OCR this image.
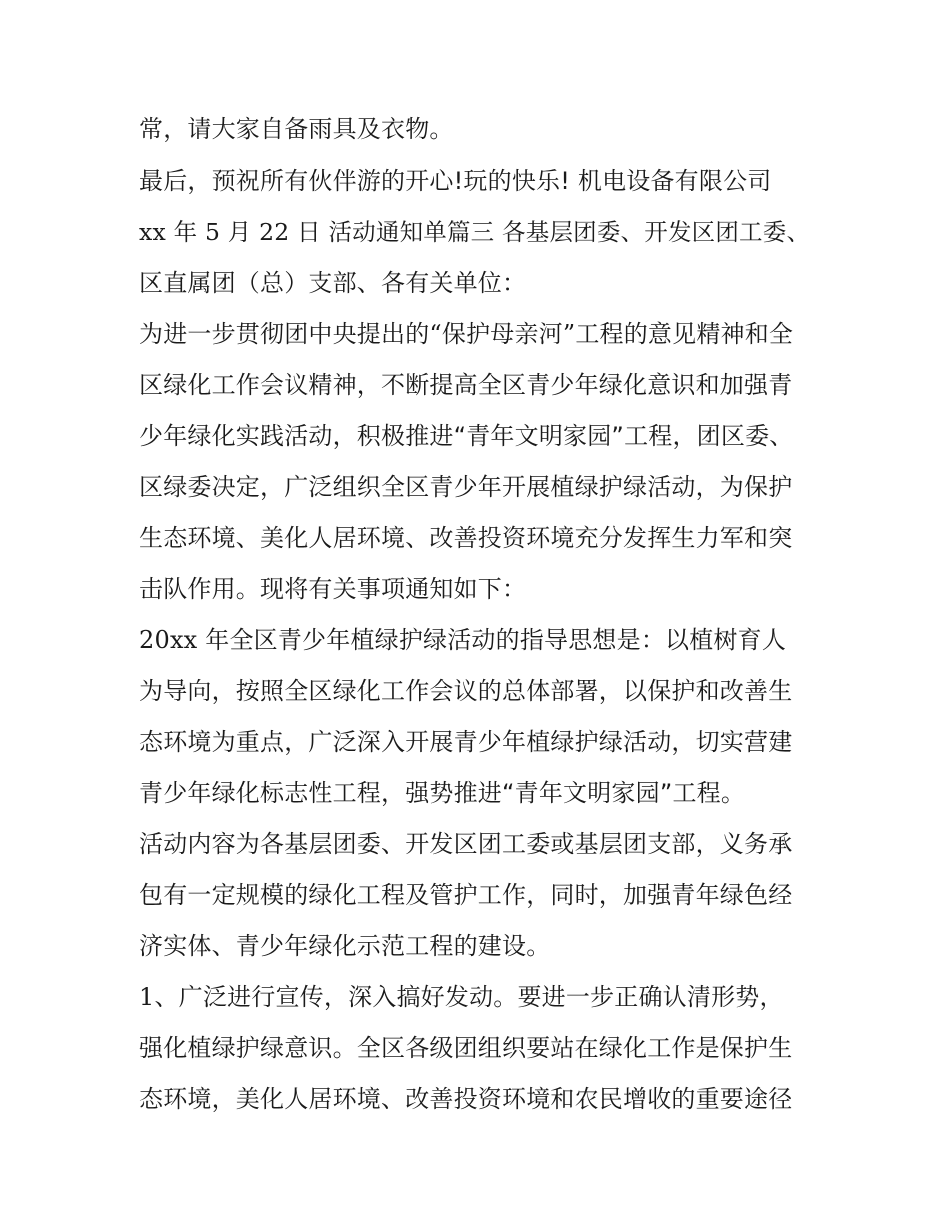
常，请大家自备雨具及衣物。
最后，预祝所有伙伴游的开心!玩的快乐! 机电设备有限公司
xx 年 5 月 22 日 活动通知单篇三 各基层团委、开发区团工委、
区直属团（总）支部、各有关单位：
为进一步贯彻团中央提出的“保护母亲河”工程的意见精神和全
区绿化工作会议精神，不断提高全区青少年绿化意识和加强青
少年绿化实践活动，积极推进“青年文明家园”工程，团区委、
区绿委决定，广泛组织全区青少年开展植绿护绿活动，为保护
生态环境、美化人居环境、改善投资环境充分发挥生力军和突
击队作用。现将有关事项通知如下：
20xx 年全区青少年植绿护绿活动的指导思想是：以植树育人
为导向，按照全区绿化工作会议的总体部署，以保护和改善生
态环境为重点，广泛深入开展青少年植绿护绿活动，切实营建
青少年绿化标志性工程，强势推进“青年文明家园”工程。
活动内容为各基层团委、开发区团工委或基层团支部，义务承
包有一定规模的绿化工程及管护工作，同时，加强青年绿色经
济实体、青少年绿化示范工程的建设。
1、广泛进行宣传，深入搞好发动。要进一步正确认清形势，
强化植绿护绿意识。全区各级团组织要站在绿化工作是保护生
态环境，美化人居环境、改善投资环境和农民增收的重要途径
